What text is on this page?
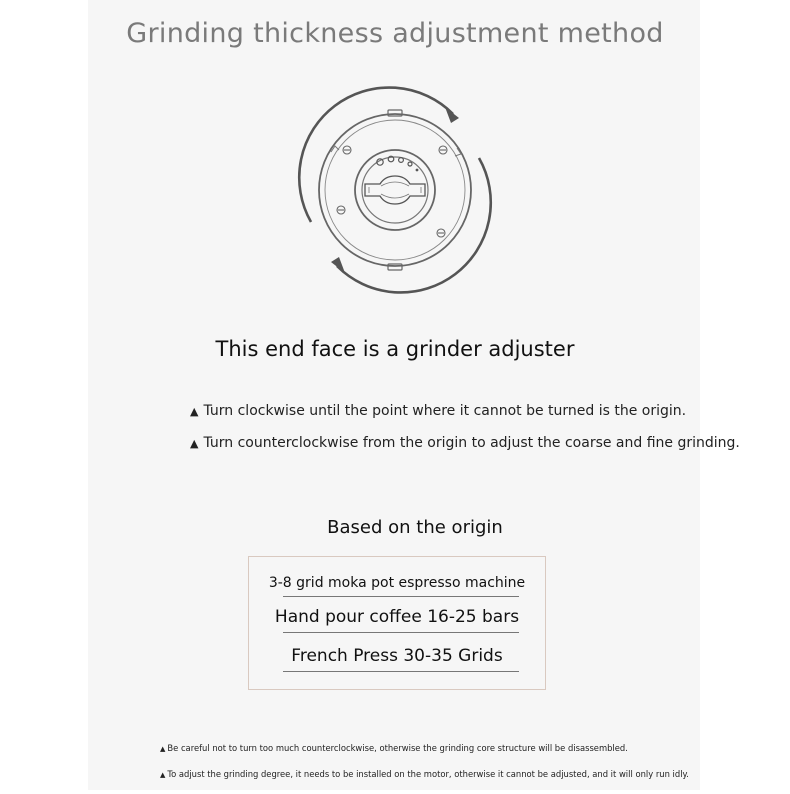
Grinding thickness adjustment method
This end face is a grinder adjuster
▲ Turn clockwise until the point where it cannot be turned is the origin.
▲ Turn counterclockwise from the origin to adjust the coarse and fine grinding.
Based on the origin
3-8 grid moka pot espresso machine
Hand pour coffee 16-25 bars
French Press 30-35 Grids
▲ Be careful not to turn too much counterclockwise, otherwise the grinding core structure will be disassembled.
▲ To adjust the grinding degree, it needs to be installed on the motor, otherwise it cannot be adjusted, and it will only run idly.
